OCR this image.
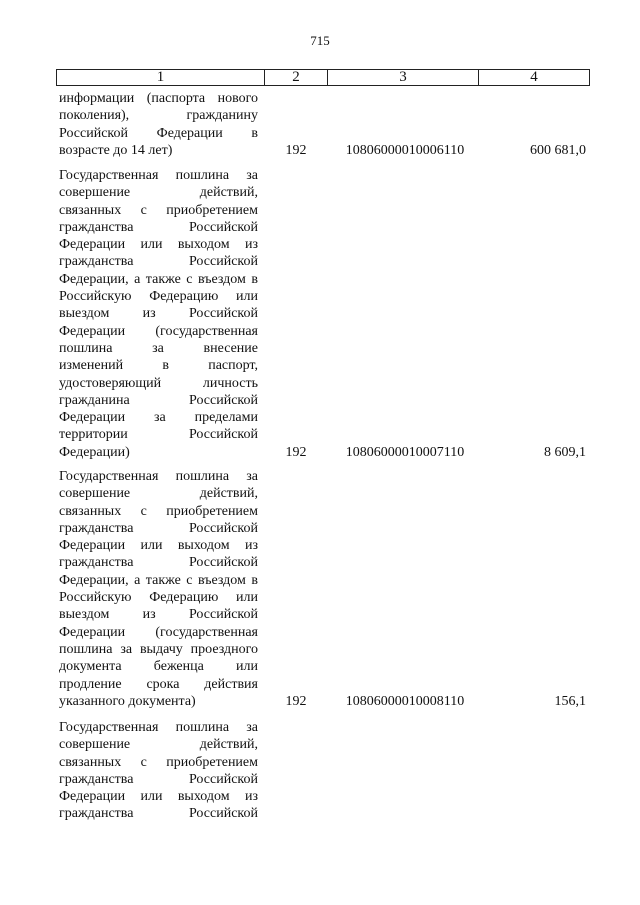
715
1	2	3	4
информации (паспорта нового
поколения), гражданину
Российской Федерации в
возрасте до 14 лет)	192	10806000010006110	600 681,0
Государственная пошлина за
совершение действий,
связанных с приобретением
гражданства Российской
Федерации или выходом из
гражданства Российской
Федерации, а также с въездом в
Российскую Федерацию или
выездом из Российской
Федерации (государственная
пошлина за внесение
изменений в паспорт,
удостоверяющий личность
гражданина Российской
Федерации за пределами
территории Российской
Федерации)	192	10806000010007110	8 609,1
Государственная пошлина за
совершение действий,
связанных с приобретением
гражданства Российской
Федерации или выходом из
гражданства Российской
Федерации, а также с въездом в
Российскую Федерацию или
выездом из Российской
Федерации (государственная
пошлина за выдачу проездного
документа беженца или
продление срока действия
указанного документа)	192	10806000010008110	156,1
Государственная пошлина за
совершение действий,
связанных с приобретением
гражданства Российской
Федерации или выходом из
гражданства Российской
